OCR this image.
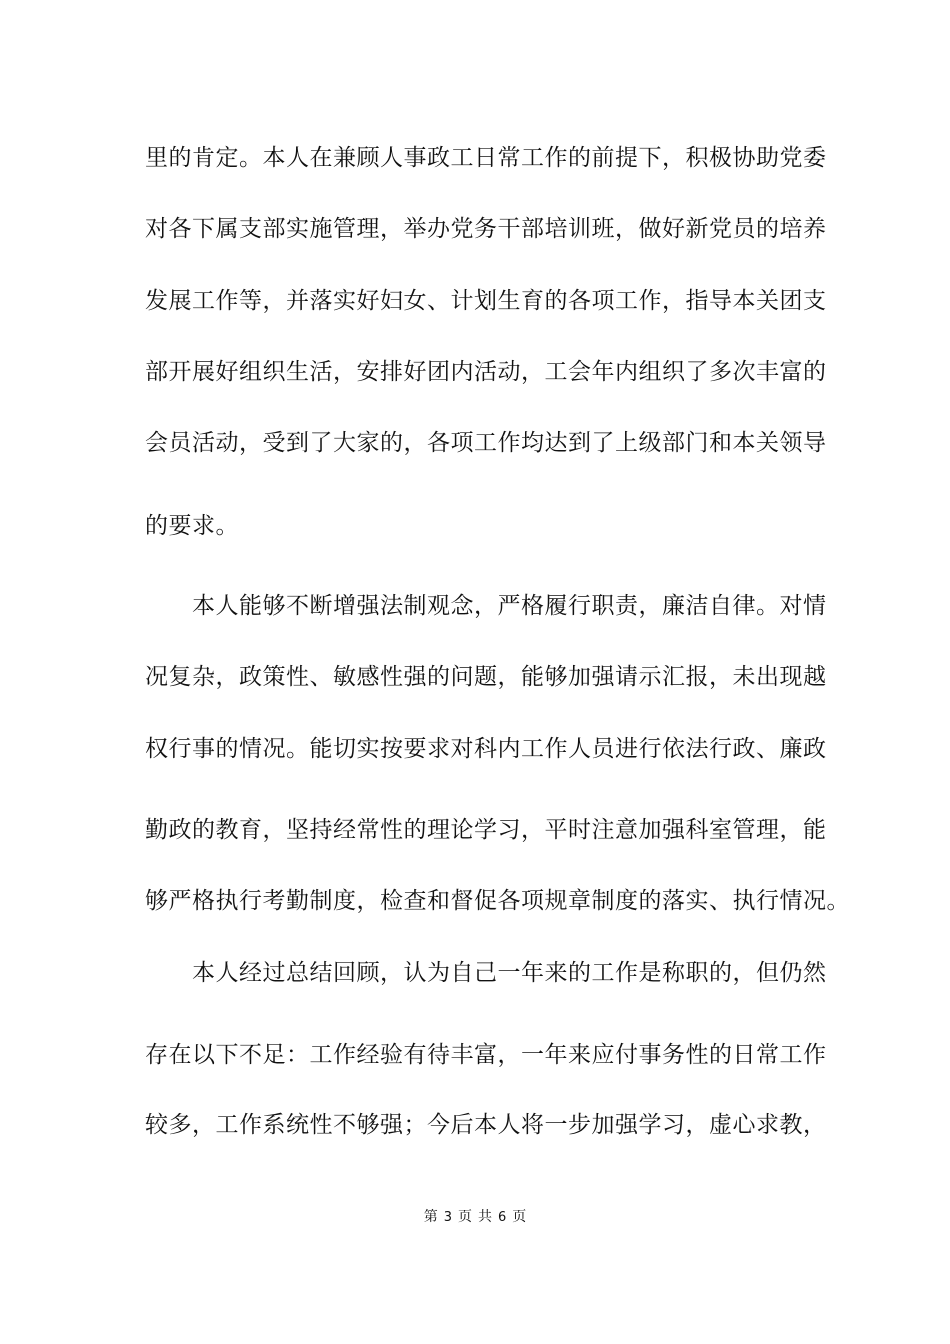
里的肯定。本人在兼顾人事政工日常工作的前提下，积极协助党委
对各下属支部实施管理，举办党务干部培训班，做好新党员的培养
发展工作等，并落实好妇女、计划生育的各项工作，指导本关团支
部开展好组织生活，安排好团内活动，工会年内组织了多次丰富的
会员活动，受到了大家的，各项工作均达到了上级部门和本关领导
的要求。
　　本人能够不断增强法制观念，严格履行职责，廉洁自律。对情
况复杂，政策性、敏感性强的问题，能够加强请示汇报，未出现越
权行事的情况。能切实按要求对科内工作人员进行依法行政、廉政
勤政的教育，坚持经常性的理论学习，平时注意加强科室管理，能
够严格执行考勤制度，检查和督促各项规章制度的落实、执行情况。
　　本人经过总结回顾，认为自己一年来的工作是称职的，但仍然
存在以下不足：工作经验有待丰富，一年来应付事务性的日常工作
较多，工作系统性不够强；今后本人将一步加强学习，虚心求教，
第 3 页 共 6 页
